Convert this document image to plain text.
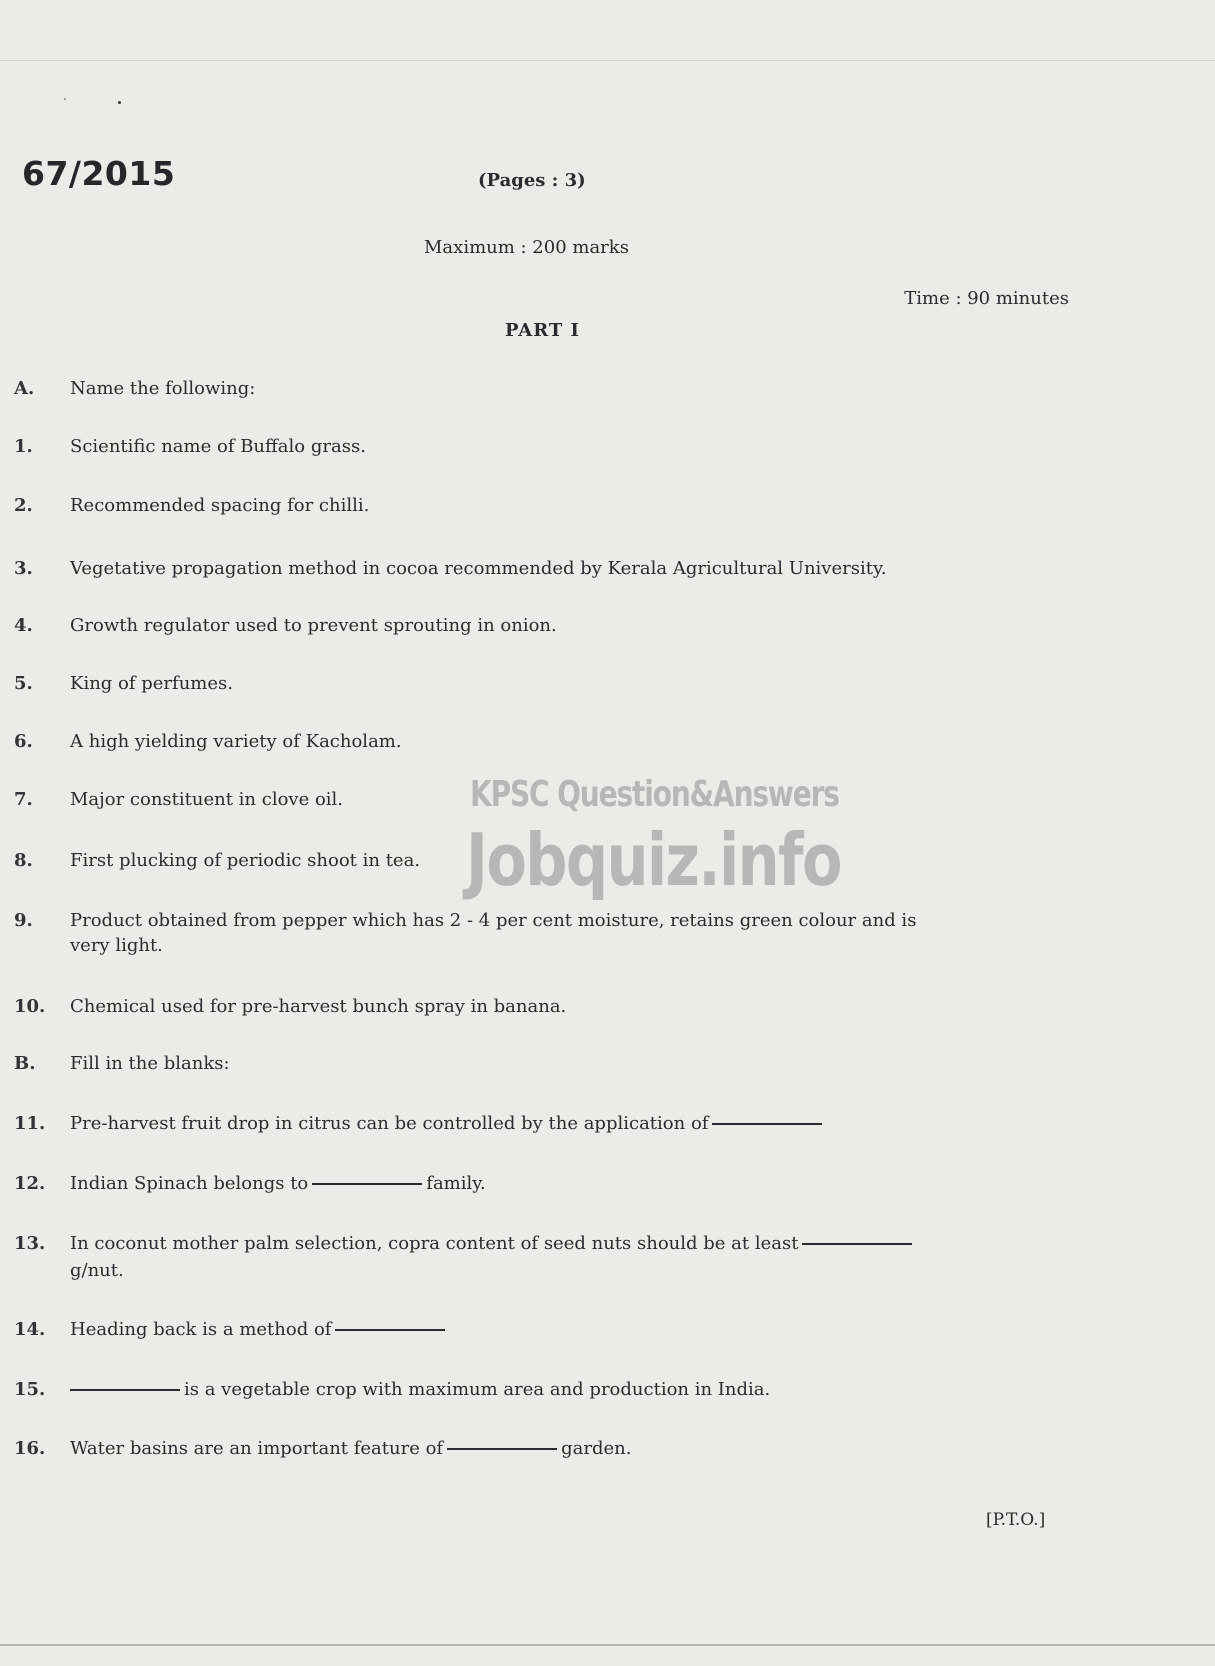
67/2015	(Pages : 3)
Maximum : 200 marks
Time : 90 minutes
PART I
A.	Name the following:
1.	Scientific name of Buffalo grass.
2.	Recommended spacing for chilli.
3.	Vegetative propagation method in cocoa recommended by Kerala Agricultural University.
4.	Growth regulator used to prevent sprouting in onion.
5.	King of perfumes.
6.	A high yielding variety of Kacholam.
7.	Major constituent in clove oil.
8.	First plucking of periodic shoot in tea.
9.	Product obtained from pepper which has 2 - 4 per cent moisture, retains green colour and is
very light.
10.	Chemical used for pre-harvest bunch spray in banana.
B.	Fill in the blanks:
11.	Pre-harvest fruit drop in citrus can be controlled by the application of
12.	Indian Spinach belongs to	family.
13.	In coconut mother palm selection, copra content of seed nuts should be at least
g/nut.
14.	Heading back is a method of
15.	is a vegetable crop with maximum area and production in India.
16.	Water basins are an important feature of	garden.
[P.T.O.]
KPSC Question&Answers
Jobquiz.info
